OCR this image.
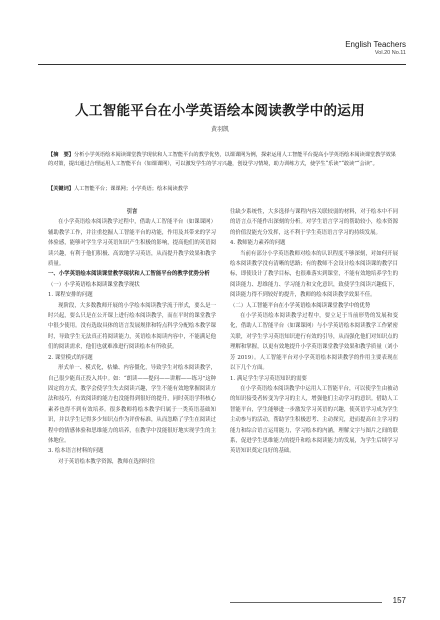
English Teachers
Vol.20 No.11
人工智能平台在小学英语绘本阅读教学中的运用
黄羽凯
【摘　要】分析小学英语绘本阅读课堂教学现状和人工智能平台的教学优势，以课课网为例，探索运用人工智能平台提高小学英语绘本阅读课堂教学效果的对策，提出通过合理运用人工智能平台（如课课网），可以激发学生的学习兴趣，创设学习情境，助力训练方式，使学生“乐读”“敢读”“会读”。
【关键词】人工智能平台；课课网；小学英语；绘本阅读教学

引言

在小学英语绘本阅读教学过程中，借助人工智能平台（如课课网）辅助教学工作，并注重挖掘人工智能平台的功能，作用及其带来的学习体验感，能够对学生学习英语知识产生积极的影响，提高他们的英语阅读兴趣，有利于他们积极、高效地学习英语，从而提升教学效果和教学质量。

一、小学英语绘本阅读课堂教学现状和人工智能平台的教学优势分析

（一）小学英语绘本阅读课堂教学现状

1. 课程安排的问题

现阶段，大多数教师开展的小学绘本阅读教学流于形式，要么是一时兴起，要么只是在公开课上进行绘本阅读教学，而在平时的课堂教学中很少使用。没有选取具体的语言发展规律和特点科学分配绘本教学课时，导致学生无法真正将阅读能力，英语绘本阅读内容中，不能满足他们的阅读需求，他们也就难准进行阅读绘本有所收获。

2. 课堂模式的问题

形式单一、模式化，枯燥、内容僵化，导致学生对绘本阅读教学，自己很少能真正投入其中。如：“朗读——提问——讲解——练习”这种固定的方式，教学会使学生失去阅读兴趣，学生不能有效地掌握阅读方法和技巧，有效阅读的能力也没能得到很好的提升，同时英语学科核心素养也得不到有效培养。很多教师将绘本教学归属于一类英语基础知识，并以学生记得多少知识点作为评价标准，从而忽略了学生在阅读过程中的情感体验和思维能力的培养，在教学中没能很好地实现学生的主体地位。

3. 绘本语言材料的问题

对于英语绘本教学资源，教师在选择时往

往缺少系统性，大多选择与课程内容关联较弱的材料，对于绘本中不同的语言点不能作出深刻的分析。对学生语言学习的帮助较小，绘本资源的价值没能充分发挥，这不利于学生英语语言学习的持续发展。

4. 教师能力素养的问题

当前有部分小学英语教师对绘本的认识程度不够深刻，对如何开展绘本阅读教学没有清晰的思路；有的教师不会设计绘本阅读课的教学目标，即使设计了教学目标，也很难落实到课堂，不能有效地培养学生的阅读能力、思维能力、学习能力和文化意识，致使学生阅读兴趣低下，阅读能力得不到较好的提升，教师的绘本阅读教学效果不佳。

（二）人工智能平台在小学英语绘本阅读课堂教学中的优势

在小学英语绘本阅读教学过程中，要立足于当前形势的发展和变化，借助人工智能平台（如课课网）与小学英语绘本阅读教学工作紧密关联，对学生学习英语知识进行有效的引导，从而强化他们对知识点的理解和掌握，以更有效地提升小学英语课堂教学效果和教学质量（刘小芳 2019）。人工智能平台对小学英语绘本阅读教学的作用主要表现在以下几个方面。

1. 满足学生学习英语知识的需要

在小学英语绘本阅读教学中运用人工智能平台，可以使学生由被动的知识接受者转变为学习的主人，增强他们主动学习的意识。借助人工智能平台，学生能够进一步激发学习英语的兴趣，使英语学习成为学生主动参与的活动，帮助学生积极思考、主动探究，进而提高自主学习的能力和综合语言运用能力，学习绘本的内涵，理解文字与图片之间的联系，促进学生思维能力的提升和绘本阅读能力的发展，为学生后续学习英语知识奠定良好的基础。

157
